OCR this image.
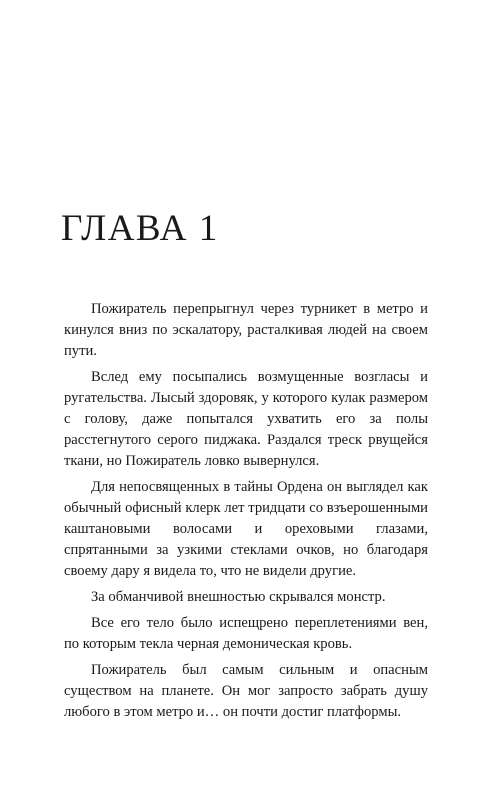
ГЛАВА 1

Пожиратель перепрыгнул через турникет в метро и кинулся вниз по эскалатору, расталкивая людей на своем пути.

Вслед ему посыпались возмущенные возгласы и ругательства. Лысый здоровяк, у которого кулак размером с голову, даже попытался ухватить его за полы расстегнутого серого пиджака. Раздался треск рвущейся ткани, но Пожиратель ловко вывернулся.

Для непосвященных в тайны Ордена он выглядел как обычный офисный клерк лет тридцати со взъерошенными каштановыми волосами и ореховыми глазами, спрятанными за узкими стеклами очков, но благодаря своему дару я видела то, что не видели другие.

За обманчивой внешностью скрывался монстр.

Все его тело было испещрено переплетениями вен, по которым текла черная демоническая кровь.

Пожиратель был самым сильным и опасным существом на планете. Он мог запросто забрать душу любого в этом метро и… он почти достиг платформы.
